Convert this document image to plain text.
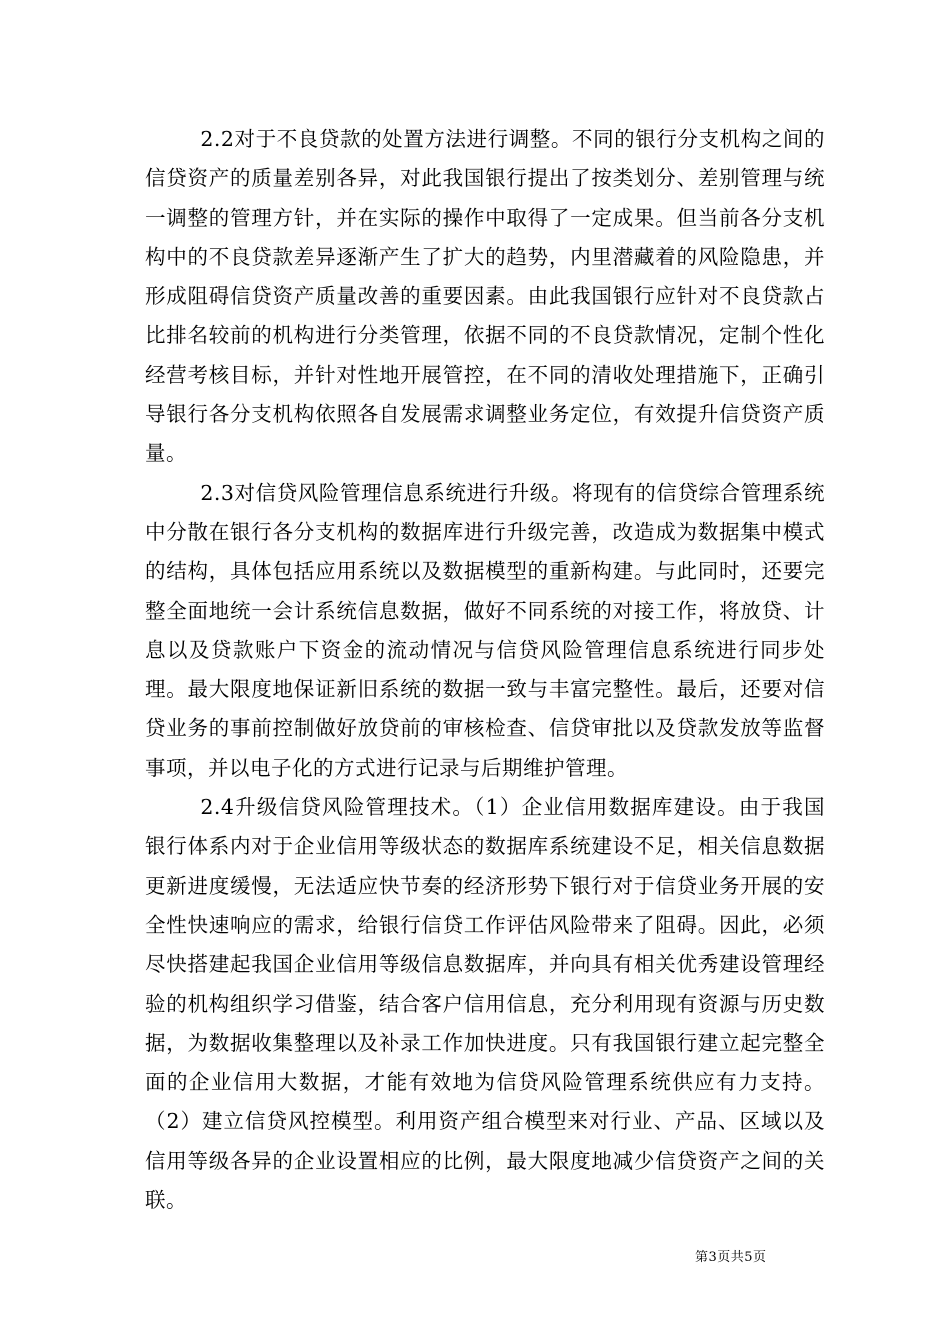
2.2对于不良贷款的处置方法进行调整。不同的银行分支机构之间的信贷资产的质量差别各异，对此我国银行提出了按类划分、差别管理与统一调整的管理方针，并在实际的操作中取得了一定成果。但当前各分支机构中的不良贷款差异逐渐产生了扩大的趋势，内里潜藏着的风险隐患，并形成阻碍信贷资产质量改善的重要因素。由此我国银行应针对不良贷款占比排名较前的机构进行分类管理，依据不同的不良贷款情况，定制个性化经营考核目标，并针对性地开展管控，在不同的清收处理措施下，正确引导银行各分支机构依照各自发展需求调整业务定位，有效提升信贷资产质量。

2.3对信贷风险管理信息系统进行升级。将现有的信贷综合管理系统中分散在银行各分支机构的数据库进行升级完善，改造成为数据集中模式的结构，具体包括应用系统以及数据模型的重新构建。与此同时，还要完整全面地统一会计系统信息数据，做好不同系统的对接工作，将放贷、计息以及贷款账户下资金的流动情况与信贷风险管理信息系统进行同步处理。最大限度地保证新旧系统的数据一致与丰富完整性。最后，还要对信贷业务的事前控制做好放贷前的审核检查、信贷审批以及贷款发放等监督事项，并以电子化的方式进行记录与后期维护管理。

2.4升级信贷风险管理技术。（1）企业信用数据库建设。由于我国银行体系内对于企业信用等级状态的数据库系统建设不足，相关信息数据更新进度缓慢，无法适应快节奏的经济形势下银行对于信贷业务开展的安全性快速响应的需求，给银行信贷工作评估风险带来了阻碍。因此，必须尽快搭建起我国企业信用等级信息数据库，并向具有相关优秀建设管理经验的机构组织学习借鉴，结合客户信用信息，充分利用现有资源与历史数据，为数据收集整理以及补录工作加快进度。只有我国银行建立起完整全面的企业信用大数据，才能有效地为信贷风险管理系统供应有力支持。（2）建立信贷风控模型。利用资产组合模型来对行业、产品、区域以及信用等级各异的企业设置相应的比例，最大限度地减少信贷资产之间的关联。

第3页共5页
